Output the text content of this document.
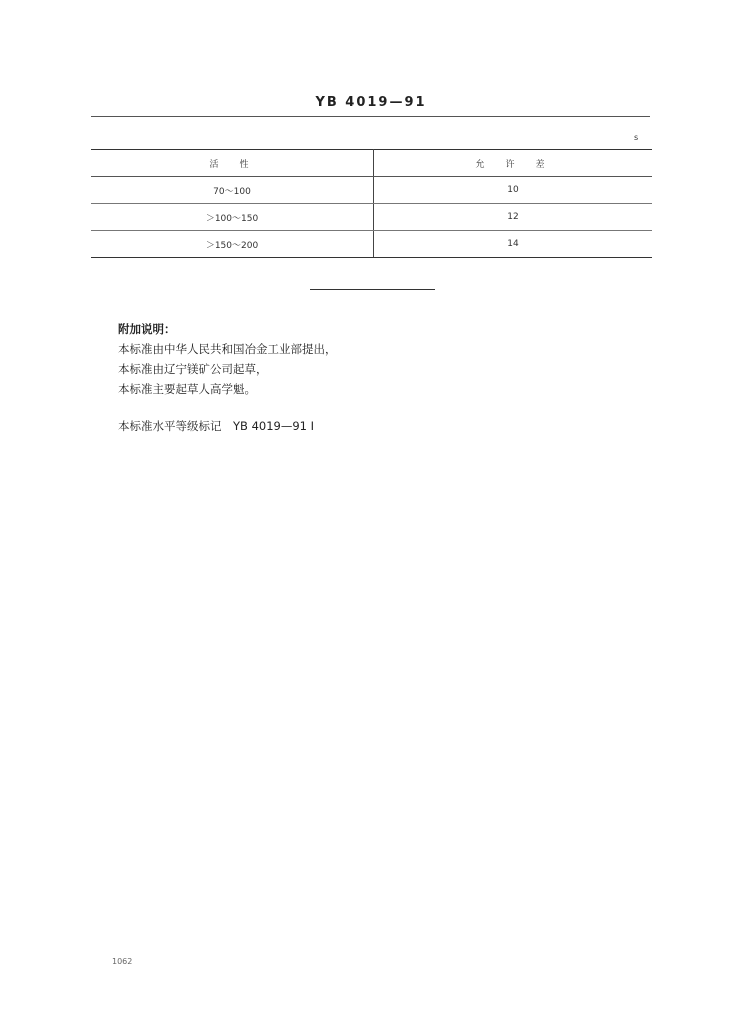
YB 4019—91
s
活　性	允　许　差
70～100	10
＞100～150	12
＞150～200	14
附加说明：
本标准由中华人民共和国冶金工业部提出，
本标准由辽宁镁矿公司起草，
本标准主要起草人高学魁。
本标准水平等级标记　YB 4019—91 I
1062
